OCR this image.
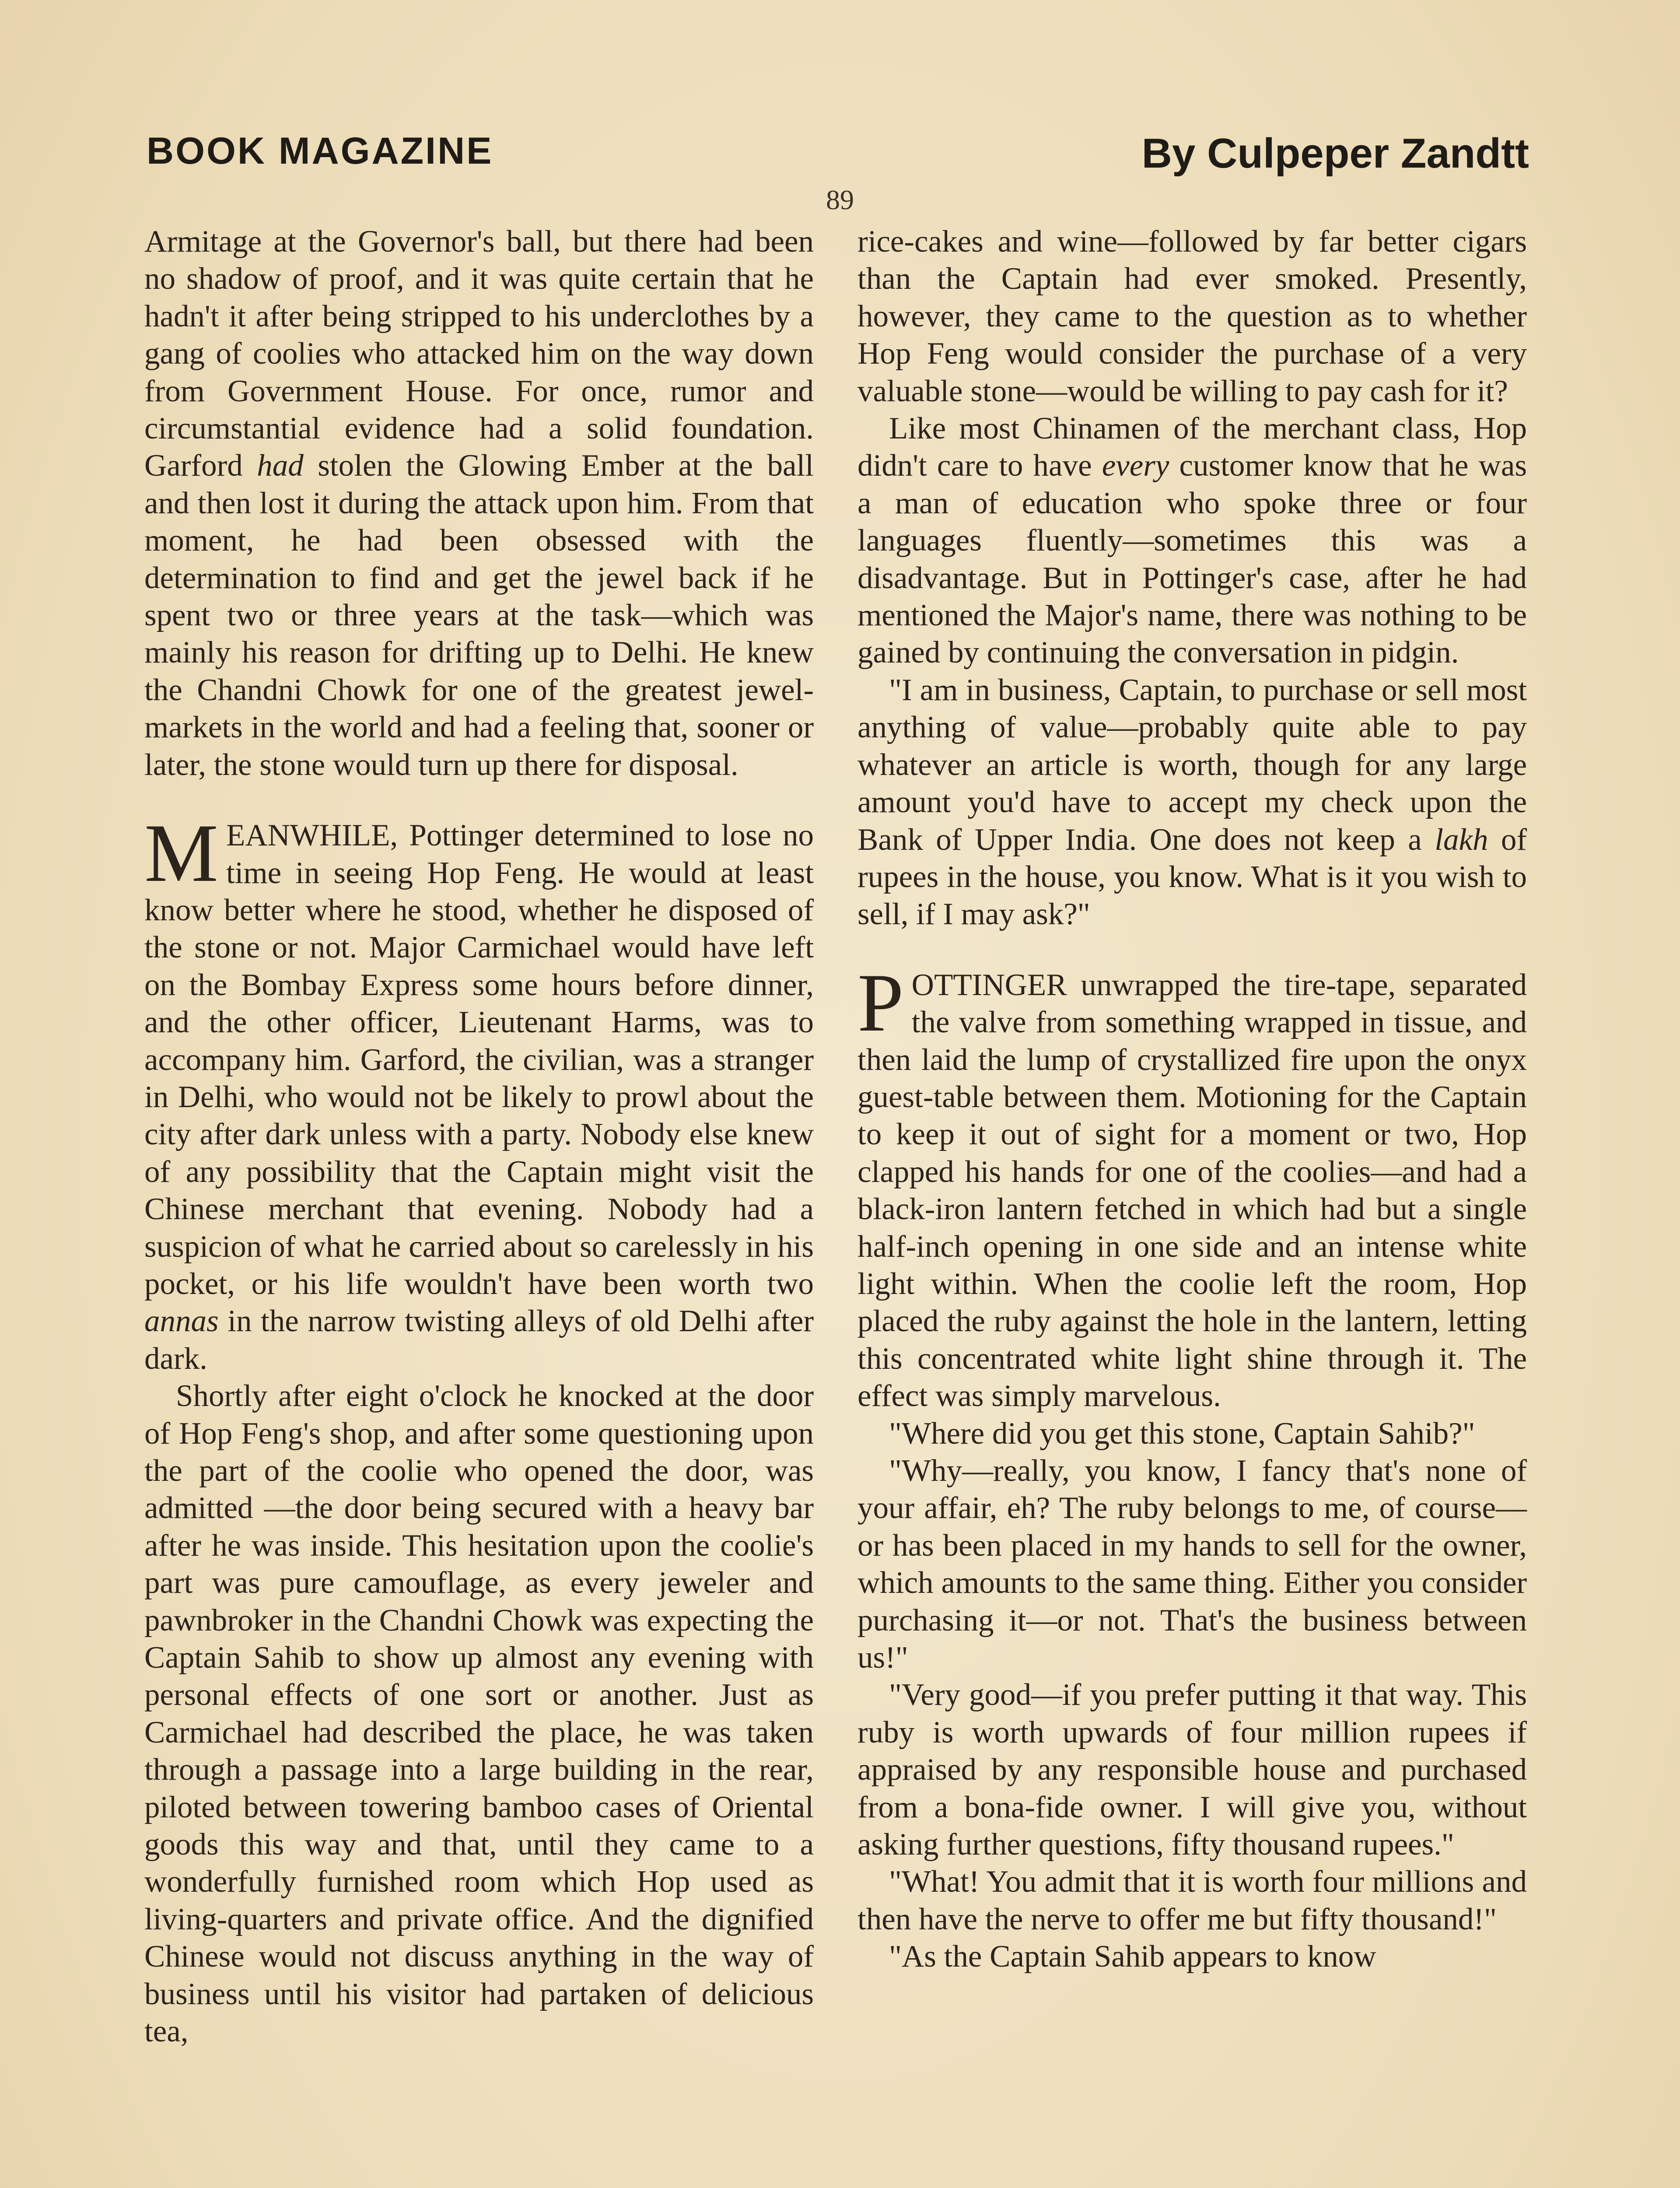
BOOK MAGAZINE	By Culpeper Zandtt
89

Armitage at the Governor's ball, but there had been no shadow of proof, and it was quite certain that he hadn't it after being stripped to his underclothes by a gang of coolies who attacked him on the way down from Government House. For once, rumor and circumstantial evidence had a solid foundation. Garford had stolen the Glowing Ember at the ball and then lost it during the attack upon him. From that moment, he had been obsessed with the determination to find and get the jewel back if he spent two or three years at the task—which was mainly his reason for drifting up to Delhi. He knew the Chandni Chowk for one of the greatest jewel-markets in the world and had a feeling that, sooner or later, the stone would turn up there for disposal.

MEANWHILE, Pottinger determined to lose no time in seeing Hop Feng. He would at least know better where he stood, whether he disposed of the stone or not. Major Carmichael would have left on the Bombay Express some hours before dinner, and the other officer, Lieutenant Harms, was to accompany him. Garford, the civilian, was a stranger in Delhi, who would not be likely to prowl about the city after dark unless with a party. Nobody else knew of any possibility that the Captain might visit the Chinese merchant that evening. Nobody had a suspicion of what he carried about so carelessly in his pocket, or his life wouldn't have been worth two annas in the narrow twisting alleys of old Delhi after dark.

Shortly after eight o'clock he knocked at the door of Hop Feng's shop, and after some questioning upon the part of the coolie who opened the door, was admitted —the door being secured with a heavy bar after he was inside. This hesitation upon the coolie's part was pure camouflage, as every jeweler and pawnbroker in the Chandni Chowk was expecting the Captain Sahib to show up almost any evening with personal effects of one sort or another. Just as Carmichael had described the place, he was taken through a passage into a large building in the rear, piloted between towering bamboo cases of Oriental goods this way and that, until they came to a wonderfully furnished room which Hop used as living-quarters and private office. And the dignified Chinese would not discuss anything in the way of business until his visitor had partaken of delicious tea,

rice-cakes and wine—followed by far better cigars than the Captain had ever smoked. Presently, however, they came to the question as to whether Hop Feng would consider the purchase of a very valuable stone—would be willing to pay cash for it?

Like most Chinamen of the merchant class, Hop didn't care to have every customer know that he was a man of education who spoke three or four languages fluently—sometimes this was a disadvantage. But in Pottinger's case, after he had mentioned the Major's name, there was nothing to be gained by continuing the conversation in pidgin.

"I am in business, Captain, to purchase or sell most anything of value—probably quite able to pay whatever an article is worth, though for any large amount you'd have to accept my check upon the Bank of Upper India. One does not keep a lakh of rupees in the house, you know. What is it you wish to sell, if I may ask?"

POTTINGER unwrapped the tire-tape, separated the valve from something wrapped in tissue, and then laid the lump of crystallized fire upon the onyx guest-table between them. Motioning for the Captain to keep it out of sight for a moment or two, Hop clapped his hands for one of the coolies—and had a black-iron lantern fetched in which had but a single half-inch opening in one side and an intense white light within. When the coolie left the room, Hop placed the ruby against the hole in the lantern, letting this concentrated white light shine through it. The effect was simply marvelous.

"Where did you get this stone, Captain Sahib?"

"Why—really, you know, I fancy that's none of your affair, eh? The ruby belongs to me, of course—or has been placed in my hands to sell for the owner, which amounts to the same thing. Either you consider purchasing it—or not. That's the business between us!"

"Very good—if you prefer putting it that way. This ruby is worth upwards of four million rupees if appraised by any responsible house and purchased from a bona-fide owner. I will give you, without asking further questions, fifty thousand rupees."

"What! You admit that it is worth four millions and then have the nerve to offer me but fifty thousand!"

"As the Captain Sahib appears to know
